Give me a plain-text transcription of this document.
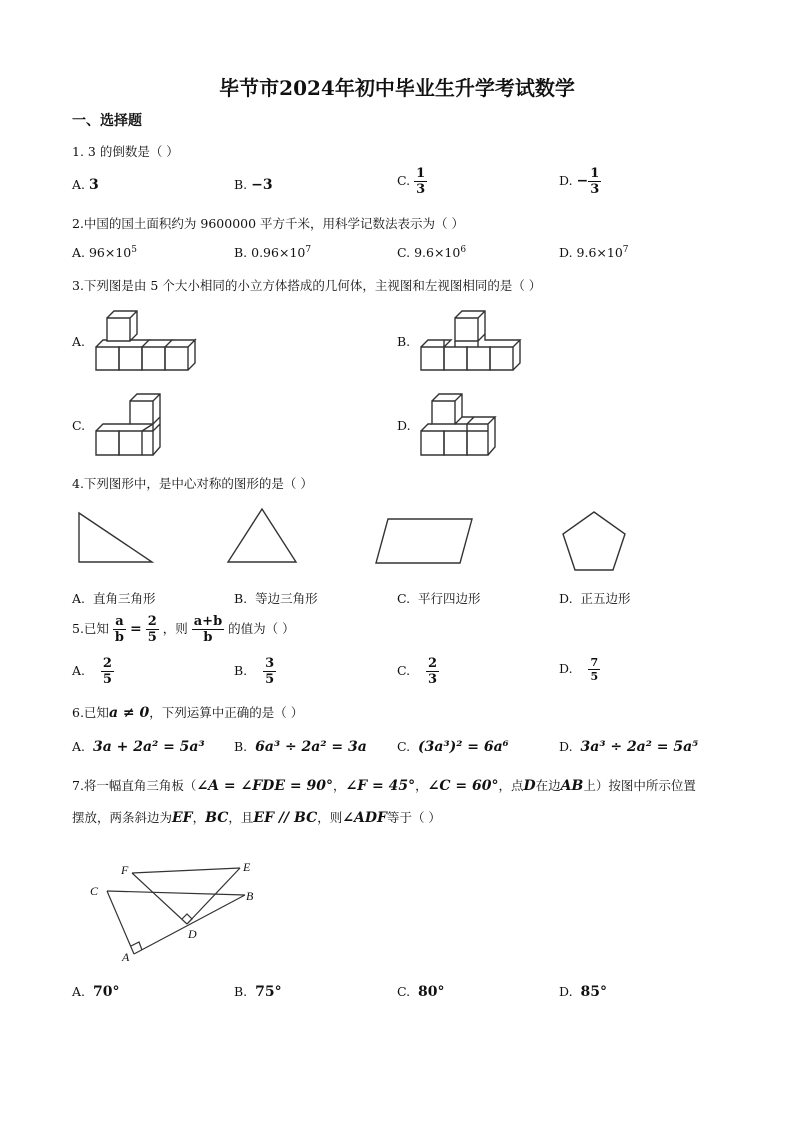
毕节市2024年初中毕业生升学考试数学
一、选择题
1. 3 的倒数是（ ）
A. 3	B. −3	C. $\frac{1}{3}$	D. − $\frac{1}{3}$
2.中国的国土面积约为 9600000 平方千米，用科学记数法表示为（ ）
A. $96\times 10^5$	B. $0.96\times 10^7$	C. $9.6\times 10^6$	D. $9.6\times 10^7$
3.下列图是由 5 个大小相同的小立方体搭成的几何体，主视图和左视图相同的是（ ）
A.	B.
C.	D.
4.下列图形中，是中心对称的图形的是（ ）
A. 直角三角形	B. 等边三角形	C. 平行四边形	D. 正五边形
5.已知 $\frac{a}{b} = \frac{2}{5}$ ，则 $\frac{a+b}{b}$ 的值为（ ）
A. $\frac{2}{5}$	B. $\frac{3}{5}$	C. $\frac{2}{3}$	D. $\frac{7}{5}$
6.已知a ≠ 0，下列运算中正确的是（ ）
A. 3a + 2a² = 5a³ B. 6a³ ÷ 2a² = 3a C. (3a³)² = 6a⁶	D. 3a³ ÷ 2a² = 5a⁵
7.将一幅直角三角板（∠A = ∠FDE = 90°，∠F = 45°，∠C = 60°，点D在边AB上）按图中所示位置
摆放，两条斜边为EF，BC，且EF // BC，则∠ADF等于（ ）
F	E
C	B
D
A
A. 70°	B. 75°	C. 80°	D. 85°
